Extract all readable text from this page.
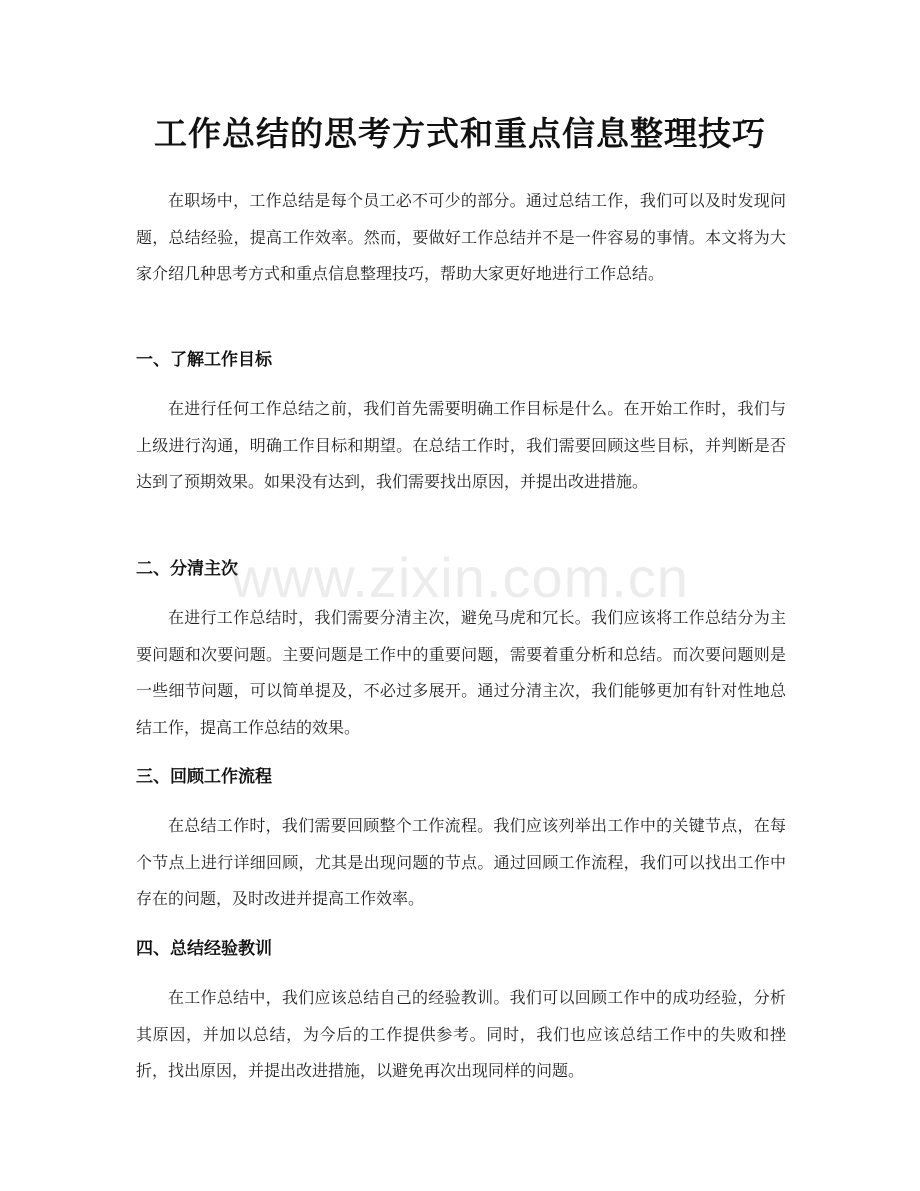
工作总结的思考方式和重点信息整理技巧

在职场中，工作总结是每个员工必不可少的部分。通过总结工作，我们可以及时发现问题，总结经验，提高工作效率。然而，要做好工作总结并不是一件容易的事情。本文将为大家介绍几种思考方式和重点信息整理技巧，帮助大家更好地进行工作总结。

一、了解工作目标

在进行任何工作总结之前，我们首先需要明确工作目标是什么。在开始工作时，我们与上级进行沟通，明确工作目标和期望。在总结工作时，我们需要回顾这些目标，并判断是否达到了预期效果。如果没有达到，我们需要找出原因，并提出改进措施。

二、分清主次

在进行工作总结时，我们需要分清主次，避免马虎和冗长。我们应该将工作总结分为主要问题和次要问题。主要问题是工作中的重要问题，需要着重分析和总结。而次要问题则是一些细节问题，可以简单提及，不必过多展开。通过分清主次，我们能够更加有针对性地总结工作，提高工作总结的效果。

三、回顾工作流程

在总结工作时，我们需要回顾整个工作流程。我们应该列举出工作中的关键节点，在每个节点上进行详细回顾，尤其是出现问题的节点。通过回顾工作流程，我们可以找出工作中存在的问题，及时改进并提高工作效率。

四、总结经验教训

在工作总结中，我们应该总结自己的经验教训。我们可以回顾工作中的成功经验，分析其原因，并加以总结，为今后的工作提供参考。同时，我们也应该总结工作中的失败和挫折，找出原因，并提出改进措施，以避免再次出现同样的问题。

www.zixin.com.cn
